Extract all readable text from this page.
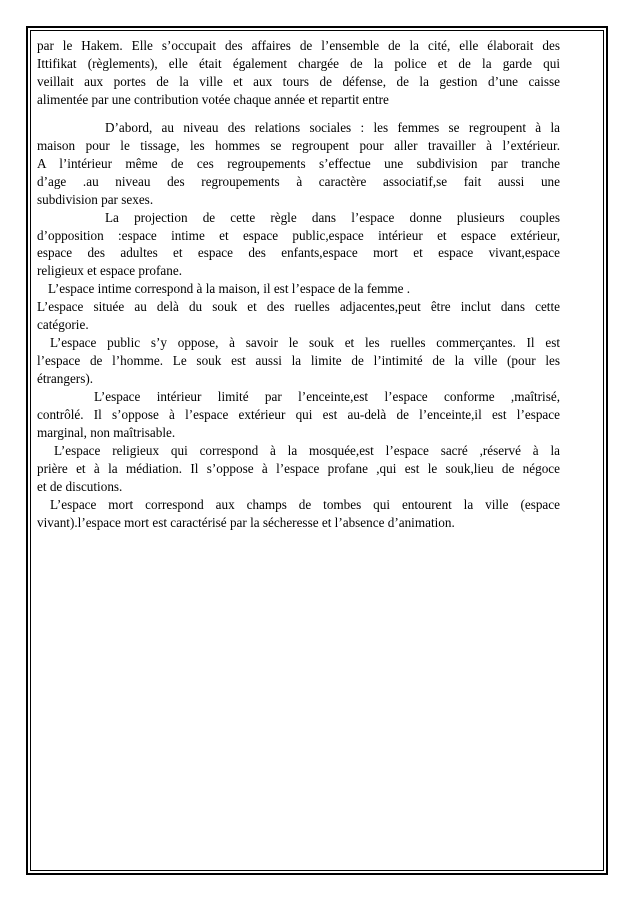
par le Hakem. Elle s’occupait des affaires de l’ensemble de la cité, elle élaborait des
Ittifikat (règlements), elle était également chargée de la police et de la garde qui
veillait aux portes de la ville et aux tours de défense, de la gestion d’une caisse
alimentée par une contribution votée chaque année et repartit entre
D’abord, au niveau des relations sociales : les femmes se regroupent à la
maison pour le tissage, les hommes se regroupent pour aller travailler à l’extérieur.
A l’intérieur même de ces regroupements s’effectue une subdivision par tranche
d’age .au niveau des regroupements à caractère associatif,se fait aussi une
subdivision par sexes.
La projection de cette règle dans l’espace donne plusieurs couples
d’opposition :espace intime et espace public,espace intérieur et espace extérieur,
espace des adultes et espace des enfants,espace mort et espace vivant,espace
religieux et espace profane.
L’espace intime correspond à la maison, il est l’espace de la femme .
L’espace située au delà du souk et des ruelles adjacentes,peut être inclut dans cette
catégorie.
L’espace public s’y oppose, à savoir le souk et les ruelles commerçantes. Il est
l’espace de l’homme. Le souk est aussi la limite de l’intimité de la ville (pour les
étrangers).
L’espace intérieur limité par l’enceinte,est l’espace conforme ,maîtrisé,
contrôlé. Il s’oppose à l’espace extérieur qui est au-delà de l’enceinte,il est l’espace
marginal, non maîtrisable.
L’espace religieux qui correspond à la mosquée,est l’espace sacré ,réservé à la
prière et à la médiation. Il s’oppose à l’espace profane ,qui est le souk,lieu de négoce
et de discutions.
L’espace mort correspond aux champs de tombes qui entourent la ville (espace
vivant).l’espace mort est caractérisé par la sécheresse et l’absence d’animation.
